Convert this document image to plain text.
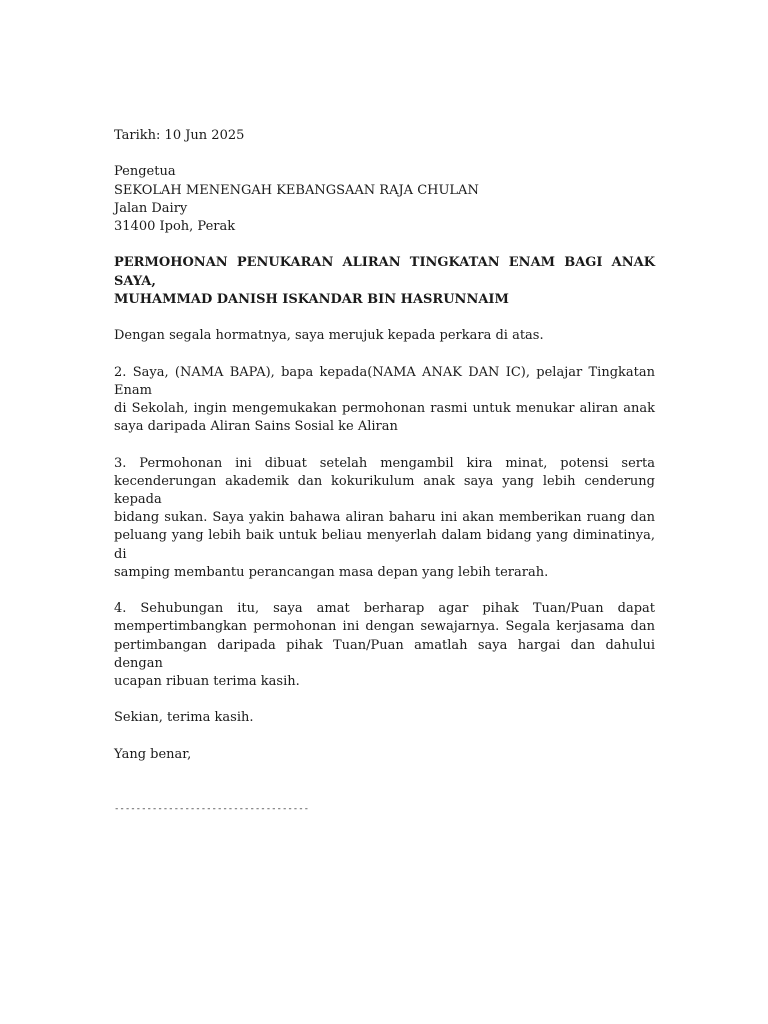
Tarikh: 10 Jun 2025
Pengetua
SEKOLAH MENENGAH KEBANGSAAN RAJA CHULAN
Jalan Dairy
31400 Ipoh, Perak
PERMOHONAN PENUKARAN ALIRAN TINGKATAN ENAM BAGI ANAK SAYA,
MUHAMMAD DANISH ISKANDAR BIN HASRUNNAIM
Dengan segala hormatnya, saya merujuk kepada perkara di atas.
2. Saya, (NAMA BAPA), bapa kepada(NAMA ANAK DAN IC), pelajar Tingkatan Enam
di Sekolah, ingin mengemukakan permohonan rasmi untuk menukar aliran anak
saya daripada Aliran Sains Sosial ke Aliran
3. Permohonan ini dibuat setelah mengambil kira minat, potensi serta
kecenderungan akademik dan kokurikulum anak saya yang lebih cenderung kepada
bidang sukan. Saya yakin bahawa aliran baharu ini akan memberikan ruang dan
peluang yang lebih baik untuk beliau menyerlah dalam bidang yang diminatinya, di
samping membantu perancangan masa depan yang lebih terarah.
4. Sehubungan itu, saya amat berharap agar pihak Tuan/Puan dapat
mempertimbangkan permohonan ini dengan sewajarnya. Segala kerjasama dan
pertimbangan daripada pihak Tuan/Puan amatlah saya hargai dan dahului dengan
ucapan ribuan terima kasih.
Sekian, terima kasih.
Yang benar,
------------------------------------
